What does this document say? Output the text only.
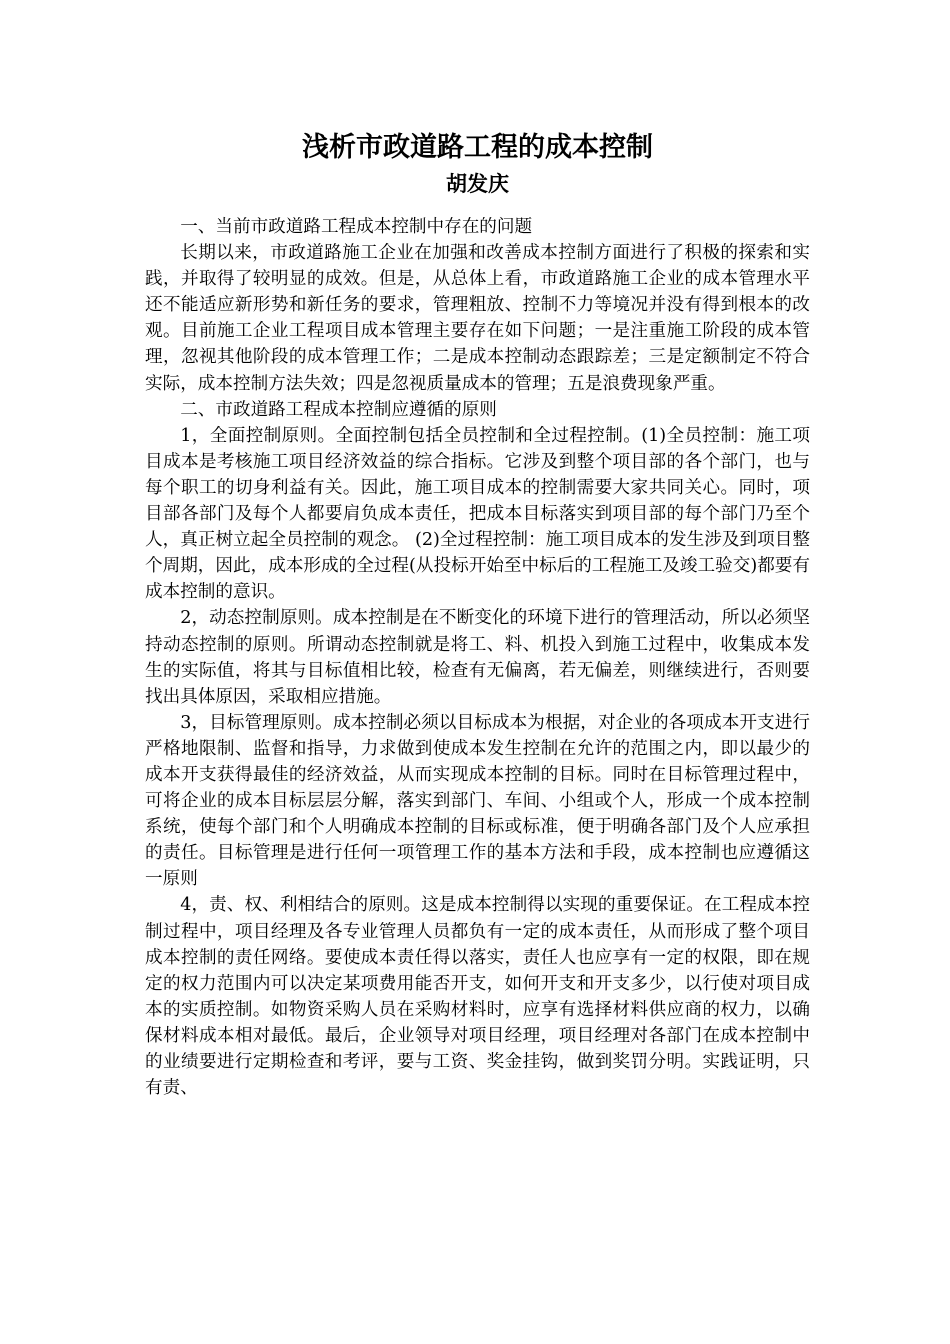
浅析市政道路工程的成本控制
胡发庆

一、当前市政道路工程成本控制中存在的问题

长期以来，市政道路施工企业在加强和改善成本控制方面进行了积极的探索和实践，并取得了较明显的成效。但是，从总体上看，市政道路施工企业的成本管理水平还不能适应新形势和新任务的要求，管理粗放、控制不力等境况并没有得到根本的改观。目前施工企业工程项目成本管理主要存在如下问题；一是注重施工阶段的成本管理，忽视其他阶段的成本管理工作；二是成本控制动态跟踪差；三是定额制定不符合实际，成本控制方法失效；四是忽视质量成本的管理；五是浪费现象严重。

二、市政道路工程成本控制应遵循的原则

1，全面控制原则。全面控制包括全员控制和全过程控制。(1)全员控制：施工项目成本是考核施工项目经济效益的综合指标。它涉及到整个项目部的各个部门，也与每个职工的切身利益有关。因此，施工项目成本的控制需要大家共同关心。同时，项目部各部门及每个人都要肩负成本责任，把成本目标落实到项目部的每个部门乃至个人，真正树立起全员控制的观念。 (2)全过程控制：施工项目成本的发生涉及到项目整个周期，因此，成本形成的全过程(从投标开始至中标后的工程施工及竣工验交)都要有成本控制的意识。

2，动态控制原则。成本控制是在不断变化的环境下进行的管理活动，所以必须坚持动态控制的原则。所谓动态控制就是将工、料、机投入到施工过程中，收集成本发生的实际值，将其与目标值相比较，检查有无偏离，若无偏差，则继续进行，否则要找出具体原因，采取相应措施。

3，目标管理原则。成本控制必须以目标成本为根据，对企业的各项成本开支进行严格地限制、监督和指导，力求做到使成本发生控制在允许的范围之内，即以最少的成本开支获得最佳的经济效益，从而实现成本控制的目标。同时在目标管理过程中，可将企业的成本目标层层分解，落实到部门、车间、小组或个人，形成一个成本控制系统，使每个部门和个人明确成本控制的目标或标准，便于明确各部门及个人应承担的责任。目标管理是进行任何一项管理工作的基本方法和手段，成本控制也应遵循这一原则

4，责、权、利相结合的原则。这是成本控制得以实现的重要保证。在工程成本控制过程中，项目经理及各专业管理人员都负有一定的成本责任，从而形成了整个项目成本控制的责任网络。要使成本责任得以落实，责任人也应享有一定的权限，即在规定的权力范围内可以决定某项费用能否开支，如何开支和开支多少，以行使对项目成本的实质控制。如物资采购人员在采购材料时，应享有选择材料供应商的权力，以确保材料成本相对最低。最后，企业领导对项目经理，项目经理对各部门在成本控制中的业绩要进行定期检查和考评，要与工资、奖金挂钩，做到奖罚分明。实践证明，只有责、
